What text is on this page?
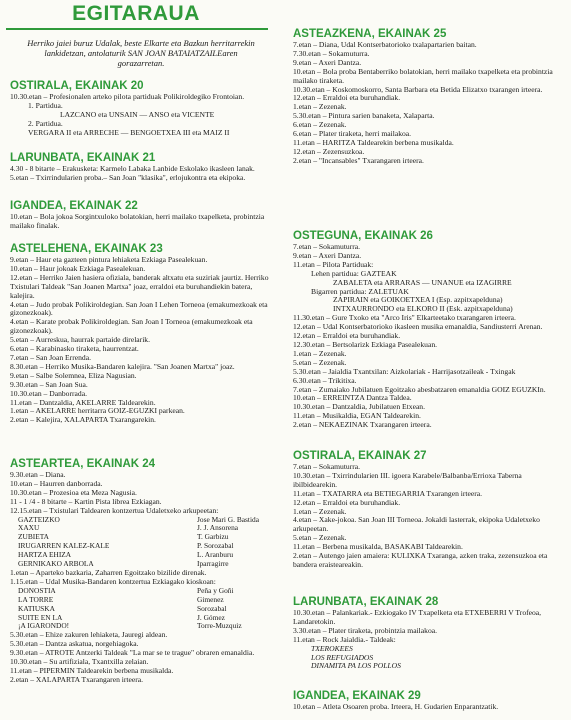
EGITARAUA
Herriko jaiei buruz Udalak, beste Elkarte eta Bazkun herritarrekin lankidetzan, antolaturik SAN JOAN BATAIATZAILEaren gorazarretan.
OSTIRALA, EKAINAK 20
10.30.etan – Profesionalen arteko pilota partiduak Polikiroldegiko Frontoian.
1. Partidua.
LAZCANO eta UNSAIN — ANSO eta VICENTE
2. Partidua.
VERGARA II eta ARRECHE — BENGOETXEA III eta MAIZ II
LARUNBATA, EKAINAK 21
4.30 - 8 bitarte – Erakusketa: Karmelo Labaka Lanbide Eskolako ikasleen lanak.
5.etan – Txirrindularien proba.– San Joan "klasika", erlojukontra eta ekipoka.
IGANDEA, EKAINAK 22
10.etan – Bola jokoa Sorgintxuloko bolatokian, herri mailako txapelketa, probintzia mailako finalak.
ASTELEHENA, EKAINAK 23
9.etan – Haur eta gazteen pintura lehiaketa Ezkiaga Pasealekuan.
10.etan – Haur jokoak Ezkiaga Pasealekuan.
12.etan – Herriko Jaien hasiera ofiziala, banderak altxatu eta suziriak jaurtiz. Herriko Txistulari Taldeak "San Joanen Martxa" joaz, erraldoi eta buruhandiekin batera, kalejira.
4.etan – Judo probak Polikiroldegian. San Joan I Lehen Torneoa (emakumezkoak eta gizonezkoak).
4.etan – Karate probak Polikiroldegian. San Joan I Torneoa (emakumezkoak eta gizonezkoak).
5.etan – Aurreskua, haurrak partaide direlarik.
6.etan – Karabinasko tiraketa, haurrentzat.
7.etan – San Joan Errenda.
8.30.etan – Herriko Musika-Bandaren kalejira. "San Joanen Martxa" joaz.
9.etan – Salbe Solemnea, Eliza Nagusian.
9.30.etan – San Joan Sua.
10.30.etan – Danborrada.
11.etan – Dantzaldia, AKELARRE Taldearekin.
1.etan – AKELARRE herritarra GOIZ-EGUZKI parkean.
2.etan – Kalejira, XALAPARTA Txarangarekin.
ASTEARTEA, EKAINAK 24
9.30.etan – Diana.
10.etan – Haurren danborrada.
10.30.etan – Prozesioa eta Meza Nagusia.
11 - 1 /4 - 8 bitarte – Kartin Pista librea Ezkiagan.
12.15.etan – Txistulari Taldearen kontzertua Udaletxeko arkupeetan:
GAZTEIZKO	Jose Mari G. Bastida
XAXU	J. J. Ansorena
ZUBIETA	T. Garbizu
IRUGARREN KALEZ-KALE	P. Sorozabal
HARTZA EHIZA	L. Aranburu
GERNIKAKO ARBOLA	Iparragirre
1.etan – Aparteko bazkaria, Zaharren Egoitzako bizilide direnak.
1.15.etan – Udal Musika-Bandaren kontzertua Ezkiagako kioskoan:
DONOSTIA	Peña y Goñi
LA TORRE	Gimenez
KATIUSKA	Sorozabal
SUITE EN LA	J. Gómez
¡A IGARONDO!	Torre-Muzquiz
5.30.etan – Ehize zakuren lehiaketa, Jauregi aldean.
5.30.etan – Dantza askatua, norgehiagoka.
9.30.etan – ATROTE Antzerki Taldeak "La mar se te trague" obraren emanaldia.
10.30.etan – Su artifiziala, Txantxilla zelaian.
11.etan – PIPERMIN Taldearekin berbena musikalda.
2.etan – XALAPARTA Txarangaren irteera.
ASTEAZKENA, EKAINAK 25
7.etan – Diana, Udal Kontserbatorioko txalapartarien baitan.
7.30.etan – Sokamuturra.
9.etan – Axeri Dantza.
10.etan – Bola proba Bentaberriko bolatokian, herri mailako txapelketa eta probintzia mailako tiraketa.
10.30.etan – Koskomoskorro, Santa Barbara eta Betida Elizatxo txarangen irteera.
12.etan – Erraldoi eta buruhandiak.
1.etan – Zezenak.
5.30.etan – Pintura sarien banaketa, Xalaparta.
6.etan – Zezenak.
6.etan – Plater tiraketa, herri mailakoa.
11.etan – HARITZA Taldearekin berbena musikalda.
12.etan – Zezensuzkoa.
2.etan – "Incansables" Txarangaren irteera.
OSTEGUNA, EKAINAK 26
7.etan – Sokamuturra.
9.etan – Axeri Dantza.
11.etan – Pilota Partiduak:
Lehen partidua: GAZTEAK
ZABALETA eta ARRARAS — UNANUE eta IZAGIRRE
Bigarren partidua: ZALETUAK
ZAPIRAIN eta GOIKOETXEA I (Esp. azpitxapeldunа)
INTXAURRONDO eta ELKORO II (Esk. azpitxapeldunа)
11.30.etan – Gure Txoko eta "Arco Iris" Elkarteetako txarangaren irteera.
12.etan – Udal Kontserbatorioko ikasleen musika emanaldia, Sandiusterri Arenan.
12.etan – Erraldoi eta buruhandiak.
12.30.etan – Bertsolarizk Ezkiaga Pasealekuan.
1.etan – Zezenak.
5.etan – Zezenak.
5.30.etan – Jaialdia Txantxilan: Aizkolariak - Harrijasotzaileak - Txingak
6.30.etan – Trikitixa.
7.etan – Zumaiako Jubilatuen Egoitzako abesbatzaren emanaldia GOIZ EGUZKIn.
10.etan – ERREINTZA Dantza Taldea.
10.30.etan – Dantzaldia, Jubilatuen Etxean.
11.etan – Musikaldia, EGAN Taldearekin.
2.etan – NEKAEZINAK Txarangaren irteera.
OSTIRALA, EKAINAK 27
7.etan – Sokamuturra.
10.30.etan – Txirrindularien III. igoera Karabele/Balbanba/Errioxa Taberna ibilbidearekin.
11.etan – TXATARRA eta BETIEGARRIA Txarangen irteera.
12.etan – Erraldoi eta buruhandiak.
1.etan – Zezenak.
4.etan – Xake-jokoa. San Joan III Torneoa. Jokaldi lasterrak, ekipoka Udaletxeko arkupeetan.
5.etan – Zezenak.
11.etan – Berbena musikalda, BASAKABI Taldearekin.
2.etan – Autengo jaien amaiera: KULIXKA Txaranga, azken traka, zezensuzkoa eta bandera eraisteareakin.
LARUNBATA, EKAINAK 28
10.30.etan – Palankariak.- Ezkiogako IV Txapelketa eta ETXEBERRI V Trofeoa, Landaretokin.
3.30.etan – Plater tiraketa, probintzia mailakoa.
11.etan – Rock Jaialdia.- Taldeak:
TXEROKEES
LOS REFUGIADOS
DINAMITA PA LOS POLLOS
IGANDEA, EKAINAK 29
10.etan – Atleta Osoaren proba. Irteera, H. Gudarien Enparantzatik.
